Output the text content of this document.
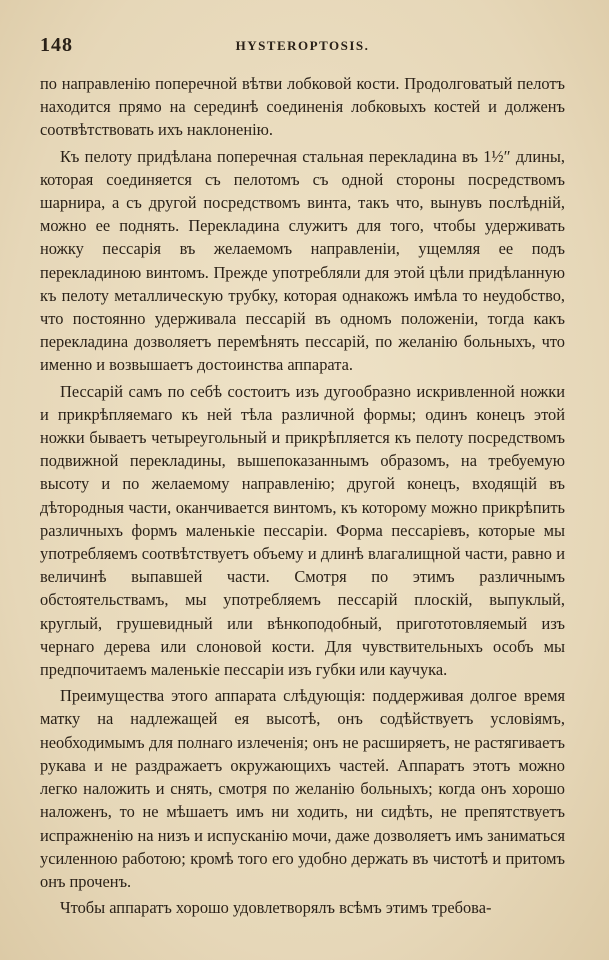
148	HYSTEROPTOSIS.

по направленію поперечной вѣтви лобковой кости. Продолговатый пелотъ находится прямо на серединѣ соединенія лобковыхъ костей и долженъ соотвѣтствовать ихъ наклоненію.

Къ пелоту придѣлана поперечная стальная перекладина въ 1½″ длины, которая соединяется съ пелотомъ съ одной стороны посредствомъ шарнира, а съ другой посредствомъ винта, такъ что, вынувъ послѣдній, можно ее поднять. Перекладина служитъ для того, чтобы удерживать ножку пессарія въ желаемомъ направленіи, ущемляя ее подъ перекладиною винтомъ. Прежде употребляли для этой цѣли придѣланную къ пелоту металлическую трубку, которая однакожъ имѣла то неудобство, что постоянно удерживала пессарій въ одномъ положеніи, тогда какъ перекладина дозволяетъ перемѣнять пессарій, по желанію больныхъ, что именно и возвышаетъ достоинства аппарата.

Пессарій самъ по себѣ состоитъ изъ дугообразно искривленной ножки и прикрѣпляемаго къ ней тѣла различной формы; одинъ конецъ этой ножки бываетъ четыреугольный и прикрѣпляется къ пелоту посредствомъ подвижной перекладины, вышепоказаннымъ образомъ, на требуемую высоту и по желаемому направленію; другой конецъ, входящій въ дѣтородныя части, оканчивается винтомъ, къ которому можно прикрѣпить различныхъ формъ маленькіе пессаріи. Форма пессаріевъ, которые мы употребляемъ соотвѣтствуетъ объему и длинѣ влагалищной части, равно и величинѣ выпавшей части. Смотря по этимъ различнымъ обстоятельствамъ, мы употребляемъ пессарій плоскій, выпуклый, круглый, грушевидный или вѣнкоподобный, пригототовляемый изъ чернаго дерева или слоновой кости. Для чувствительныхъ особъ мы предпочитаемъ маленькіе пессаріи изъ губки или каучука.

Преимущества этого аппарата слѣдующія: поддерживая долгое время матку на надлежащей ея высотѣ, онъ содѣйствуетъ условіямъ, необходимымъ для полнаго излеченія; онъ не расширяетъ, не растягиваетъ рукава и не раздражаетъ окружающихъ частей. Аппаратъ этотъ можно легко наложить и снять, смотря по желанію больныхъ; когда онъ хорошо наложенъ, то не мѣшаетъ имъ ни ходить, ни сидѣть, не препятствуетъ испражненію на низъ и испусканію мочи, даже дозволяетъ имъ заниматься усиленною работою; кромѣ того его удобно держать въ чистотѣ и притомъ онъ проченъ.

Чтобы аппаратъ хорошо удовлетворялъ всѣмъ этимъ требова-
